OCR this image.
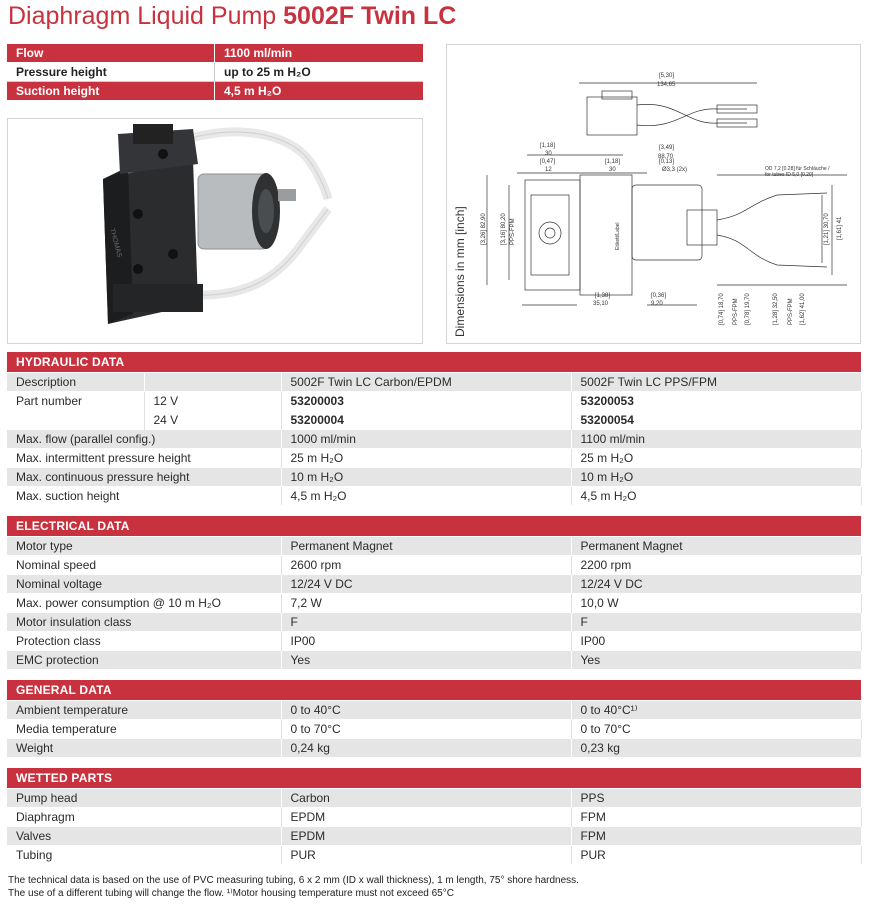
Diaphragm Liquid Pump 5002F Twin LC
Flow	1100 ml/min
Pressure height	up to 25 m H₂O
Suction height	4,5 m H₂O
THOMAS	Dimensions in mm [inch]
[5,30]
134,65
[3,49]
88,70
[1,18]
30
[0,47]
12
[1,18]
30
[0,13]
Ø3,3 (2x)	OD 7,2 [0.28] für Schläuche /
for tubes ID 5,0 [0.20]
[1,38]
35,10
[0,36]
9,20
[3,16] 80,20 PPS-FPM
[3,26] 82,90	[1,21] 30,70 [1,61] 41
[0,74] 18,70 PPS-FPM [0,78] 19,70	[1,28] 32,50 PPS-FPM [1,62] 41,00
Etikett/Label
HYDRAULIC DATA
Description		5002F Twin LC Carbon/EPDM	5002F Twin LC PPS/FPM
Part number	12 V	53200003	53200053
	24 V	53200004	53200054
Max. flow (parallel config.)		1000 ml/min	1100 ml/min
Max. intermittent pressure height		25 m H₂O	25 m H₂O
Max. continuous pressure height		10 m H₂O	10 m H₂O
Max. suction height		4,5 m H₂O	4,5 m H₂O
ELECTRICAL DATA
Motor type	Permanent Magnet	Permanent Magnet
Nominal speed	2600 rpm	2200 rpm
Nominal voltage	12/24 V DC	12/24 V DC
Max. power consumption @ 10 m H₂O	7,2 W	10,0 W
Motor insulation class	F	F
Protection class	IP00	IP00
EMC protection	Yes	Yes
GENERAL DATA
Ambient temperature	0 to 40°C	0 to 40°C¹⁾
Media temperature	0 to 70°C	0 to 70°C
Weight	0,24 kg	0,23 kg
WETTED PARTS
Pump head	Carbon	PPS
Diaphragm	EPDM	FPM
Valves	EPDM	FPM
Tubing	PUR	PUR
The technical data is based on the use of PVC measuring tubing, 6 x 2 mm (ID x wall thickness), 1 m length, 75° shore hardness.
The use of a different tubing will change the flow. ¹⁾Motor housing temperature must not exceed 65°C
